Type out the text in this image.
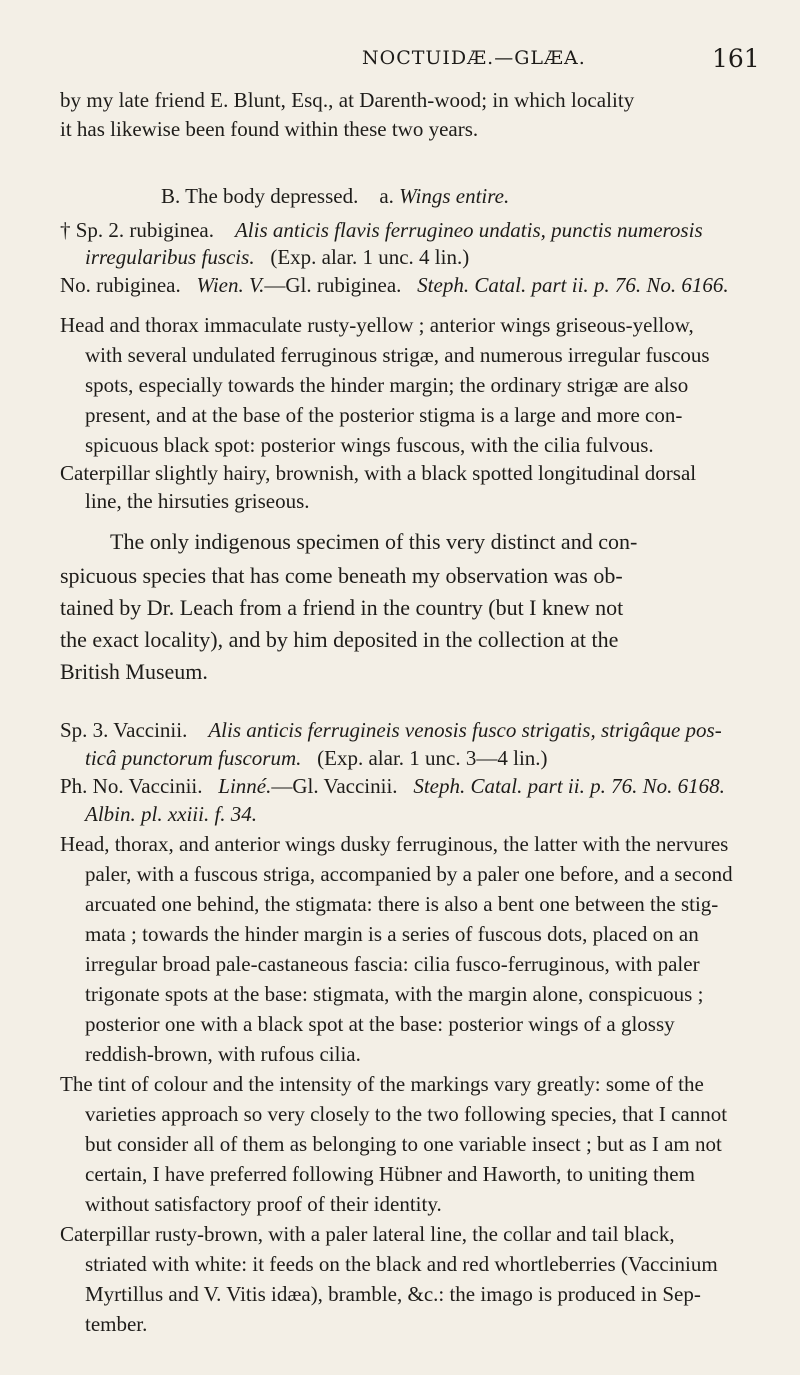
NOCTUIDÆ.—GLÆA.	161
by my late friend E. Blunt, Esq., at Darenth-wood; in which locality
it has likewise been found within these two years.
B. The body depressed. a. Wings entire.
† Sp. 2. rubiginea. Alis anticis flavis ferrugineo undatis, punctis numerosis
irregularibus fuscis. (Exp. alar. 1 unc. 4 lin.)
No. rubiginea. Wien. V.—Gl. rubiginea. Steph. Catal. part ii. p. 76. No. 6166.
Head and thorax immaculate rusty-yellow ; anterior wings griseous-yellow,
with several undulated ferruginous strigæ, and numerous irregular fuscous
spots, especially towards the hinder margin; the ordinary strigæ are also
present, and at the base of the posterior stigma is a large and more con-
spicuous black spot: posterior wings fuscous, with the cilia fulvous.
Caterpillar slightly hairy, brownish, with a black spotted longitudinal dorsal
line, the hirsuties griseous.
The only indigenous specimen of this very distinct and con-
spicuous species that has come beneath my observation was ob-
tained by Dr. Leach from a friend in the country (but I knew not
the exact locality), and by him deposited in the collection at the
British Museum.
Sp. 3. Vaccinii. Alis anticis ferrugineis venosis fusco strigatis, strigâque pos-
ticâ punctorum fuscorum. (Exp. alar. 1 unc. 3—4 lin.)
Ph. No. Vaccinii. Linné.—Gl. Vaccinii. Steph. Catal. part ii. p. 76. No. 6168.
Albin. pl. xxiii. f. 34.
Head, thorax, and anterior wings dusky ferruginous, the latter with the nervures
paler, with a fuscous striga, accompanied by a paler one before, and a second
arcuated one behind, the stigmata: there is also a bent one between the stig-
mata ; towards the hinder margin is a series of fuscous dots, placed on an
irregular broad pale-castaneous fascia: cilia fusco-ferruginous, with paler
trigonate spots at the base: stigmata, with the margin alone, conspicuous ;
posterior one with a black spot at the base: posterior wings of a glossy
reddish-brown, with rufous cilia.
The tint of colour and the intensity of the markings vary greatly: some of the
varieties approach so very closely to the two following species, that I cannot
but consider all of them as belonging to one variable insect ; but as I am not
certain, I have preferred following Hübner and Haworth, to uniting them
without satisfactory proof of their identity.
Caterpillar rusty-brown, with a paler lateral line, the collar and tail black,
striated with white: it feeds on the black and red whortleberries (Vaccinium
Myrtillus and V. Vitis idæa), bramble, &c.: the imago is produced in Sep-
tember.
